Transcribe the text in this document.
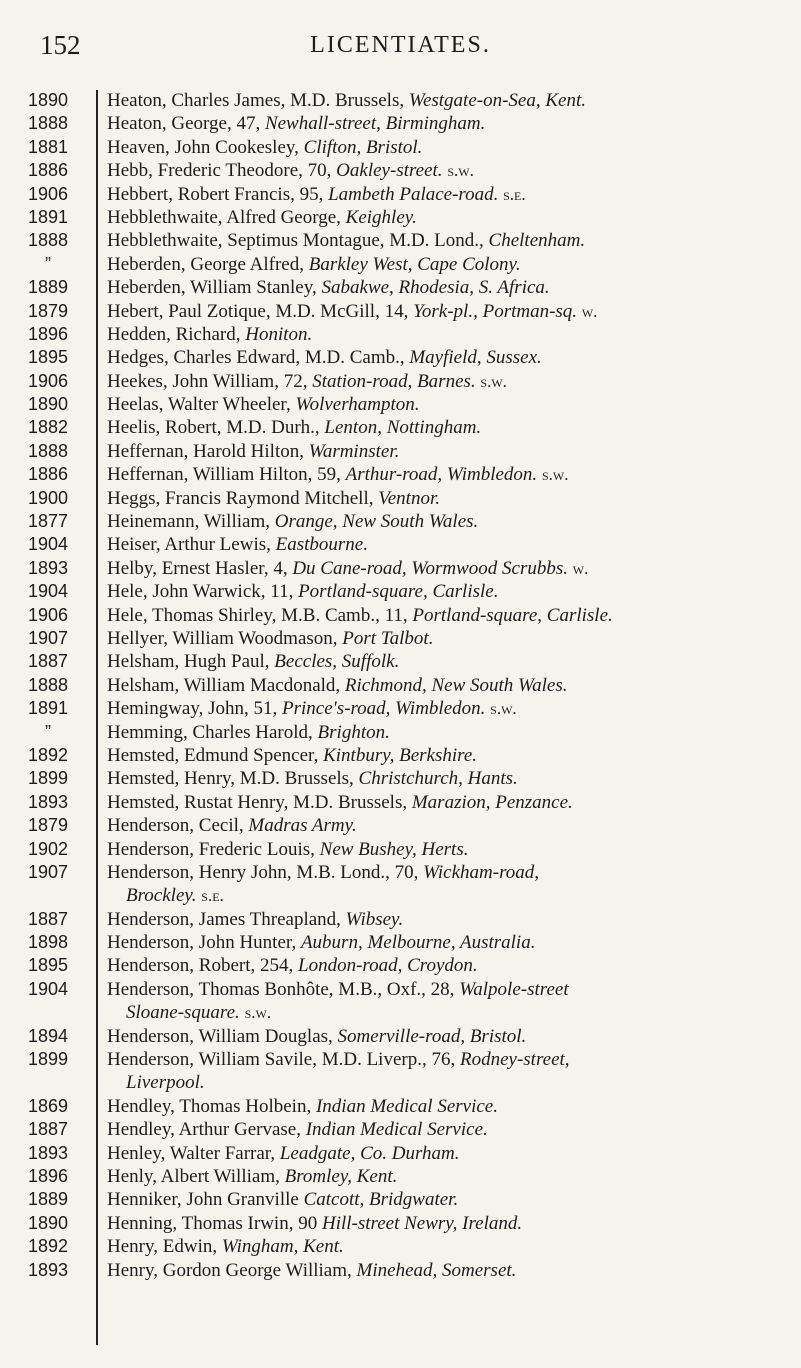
152	LICENTIATES.
1890	Heaton, Charles James, M.D. Brussels, Westgate-on-Sea, Kent.
1888	Heaton, George, 47, Newhall-street, Birmingham.
1881	Heaven, John Cookesley, Clifton, Bristol.
1886	Hebb, Frederic Theodore, 70, Oakley-street. s.w.
1906	Hebbert, Robert Francis, 95, Lambeth Palace-road. s.e.
1891	Hebblethwaite, Alfred George, Keighley.
1888	Hebblethwaite, Septimus Montague, M.D. Lond., Cheltenham.
”	Heberden, George Alfred, Barkley West, Cape Colony.
1889	Heberden, William Stanley, Sabakwe, Rhodesia, S. Africa.
1879	Hebert, Paul Zotique, M.D. McGill, 14, York-pl., Portman-sq. w.
1896	Hedden, Richard, Honiton.
1895	Hedges, Charles Edward, M.D. Camb., Mayfield, Sussex.
1906	Heekes, John William, 72, Station-road, Barnes. s.w.
1890	Heelas, Walter Wheeler, Wolverhampton.
1882	Heelis, Robert, M.D. Durh., Lenton, Nottingham.
1888	Heffernan, Harold Hilton, Warminster.
1886	Heffernan, William Hilton, 59, Arthur-road, Wimbledon. s.w.
1900	Heggs, Francis Raymond Mitchell, Ventnor.
1877	Heinemann, William, Orange, New South Wales.
1904	Heiser, Arthur Lewis, Eastbourne.
1893	Helby, Ernest Hasler, 4, Du Cane-road, Wormwood Scrubbs. w.
1904	Hele, John Warwick, 11, Portland-square, Carlisle.
1906	Hele, Thomas Shirley, M.B. Camb., 11, Portland-square, Carlisle.
1907	Hellyer, William Woodmason, Port Talbot.
1887	Helsham, Hugh Paul, Beccles, Suffolk.
1888	Helsham, William Macdonald, Richmond, New South Wales.
1891	Hemingway, John, 51, Prince's-road, Wimbledon. s.w.
”	Hemming, Charles Harold, Brighton.
1892	Hemsted, Edmund Spencer, Kintbury, Berkshire.
1899	Hemsted, Henry, M.D. Brussels, Christchurch, Hants.
1893	Hemsted, Rustat Henry, M.D. Brussels, Marazion, Penzance.
1879	Henderson, Cecil, Madras Army.
1902	Henderson, Frederic Louis, New Bushey, Herts.
1907	Henderson, Henry John, M.B. Lond., 70, Wickham-road,
Brockley. s.e.
1887	Henderson, James Threapland, Wibsey.
1898	Henderson, John Hunter, Auburn, Melbourne, Australia.
1895	Henderson, Robert, 254, London-road, Croydon.
1904	Henderson, Thomas Bonhôte, M.B., Oxf., 28, Walpole-street
Sloane-square. s.w.
1894	Henderson, William Douglas, Somerville-road, Bristol.
1899	Henderson, William Savile, M.D. Liverp., 76, Rodney-street,
Liverpool.
1869	Hendley, Thomas Holbein, Indian Medical Service.
1887	Hendley, Arthur Gervase, Indian Medical Service.
1893	Henley, Walter Farrar, Leadgate, Co. Durham.
1896	Henly, Albert William, Bromley, Kent.
1889	Henniker, John Granville Catcott, Bridgwater.
1890	Henning, Thomas Irwin, 90 Hill-street Newry, Ireland.
1892	Henry, Edwin, Wingham, Kent.
1893	Henry, Gordon George William, Minehead, Somerset.
